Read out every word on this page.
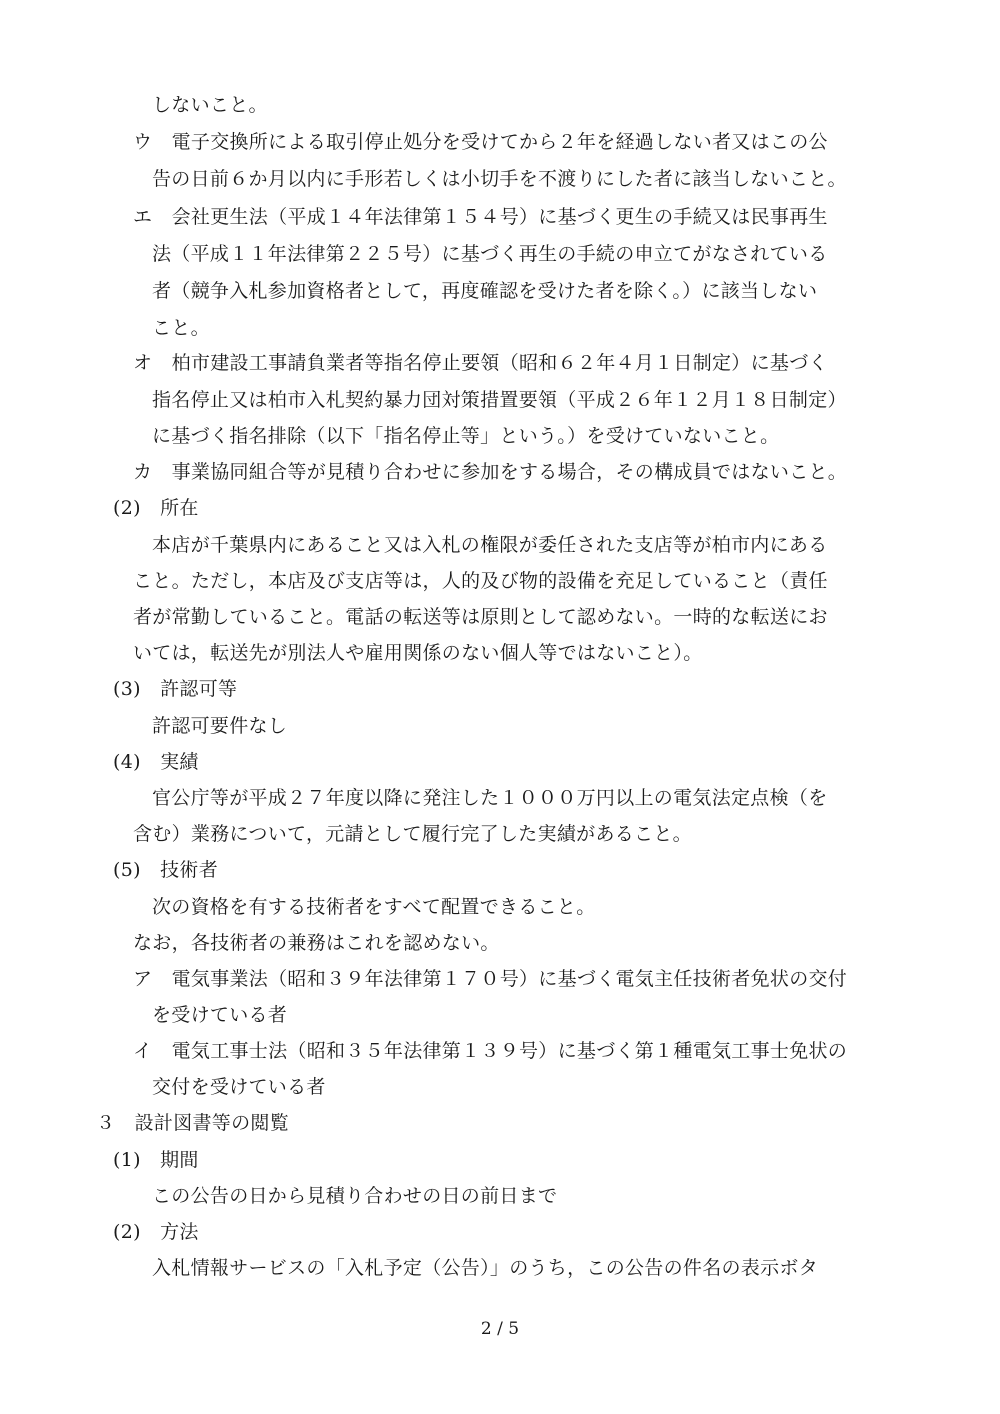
しないこと。
ウ　電子交換所による取引停止処分を受けてから２年を経過しない者又はこの公
告の日前６か月以内に手形若しくは小切手を不渡りにした者に該当しないこと。
エ　会社更生法（平成１４年法律第１５４号）に基づく更生の手続又は民事再生
法（平成１１年法律第２２５号）に基づく再生の手続の申立てがなされている
者（競争入札参加資格者として，再度確認を受けた者を除く。）に該当しない
こと。
オ　柏市建設工事請負業者等指名停止要領（昭和６２年４月１日制定）に基づく
指名停止又は柏市入札契約暴力団対策措置要領（平成２６年１２月１８日制定）
に基づく指名排除（以下「指名停止等」という。）を受けていないこと。
カ　事業協同組合等が見積り合わせに参加をする場合，その構成員ではないこと。
(2)　所在
本店が千葉県内にあること又は入札の権限が委任された支店等が柏市内にある
こと。ただし，本店及び支店等は，人的及び物的設備を充足していること（責任
者が常勤していること。電話の転送等は原則として認めない。一時的な転送にお
いては，転送先が別法人や雇用関係のない個人等ではないこと）。
(3)　許認可等
許認可要件なし
(4)　実績
官公庁等が平成２７年度以降に発注した１０００万円以上の電気法定点検（を
含む）業務について，元請として履行完了した実績があること。
(5)　技術者
次の資格を有する技術者をすべて配置できること。
なお，各技術者の兼務はこれを認めない。
ア　電気事業法（昭和３９年法律第１７０号）に基づく電気主任技術者免状の交付
を受けている者
イ　電気工事士法（昭和３５年法律第１３９号）に基づく第１種電気工事士免状の
交付を受けている者
３　設計図書等の閲覧
(1)　期間
この公告の日から見積り合わせの日の前日まで
(2)　方法
入札情報サービスの「入札予定（公告）」のうち，この公告の件名の表示ボタ
2 / 5
